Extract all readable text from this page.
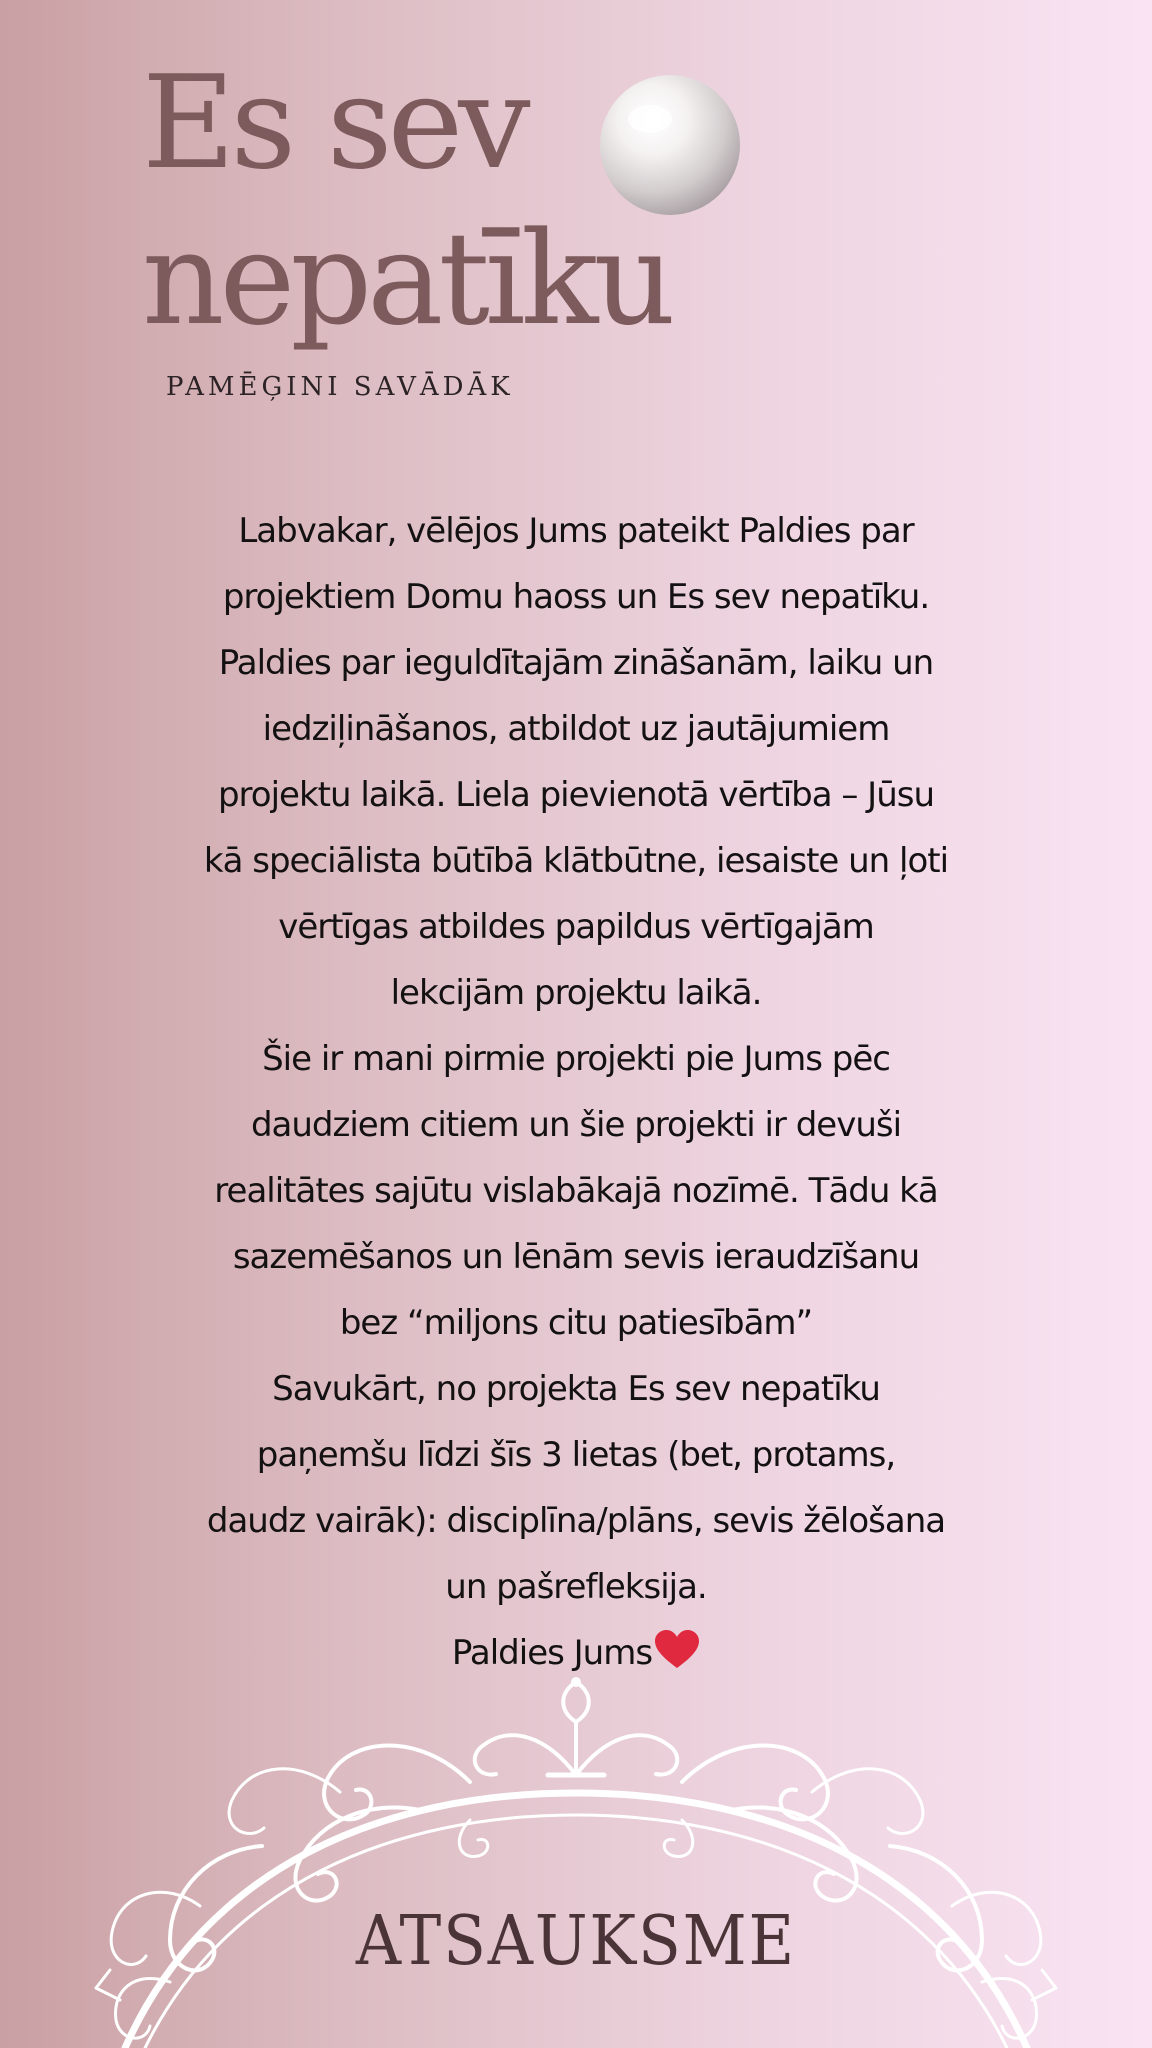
Es sev
nepatīku
PAMĒĢINI SAVĀDĀK

Labvakar, vēlējos Jums pateikt Paldies par

projektiem Domu haoss un Es sev nepatīku.

Paldies par ieguldītajām zināšanām, laiku un

iedziļināšanos, atbildot uz jautājumiem

projektu laikā. Liela pievienotā vērtība – Jūsu

kā speciālista būtībā klātbūtne, iesaiste un ļoti

vērtīgas atbildes papildus vērtīgajām

lekcijām projektu laikā.

Šie ir mani pirmie projekti pie Jums pēc

daudziem citiem un šie projekti ir devuši

realitātes sajūtu vislabākajā nozīmē. Tādu kā

sazemēšanos un lēnām sevis ieraudzīšanu

bez “miljons citu patiesībām”

Savukārt, no projekta Es sev nepatīku

paņemšu līdzi šīs 3 lietas (bet, protams,

daudz vairāk): disciplīna/plāns, sevis žēlošana

un pašrefleksija.

Paldies Jums

ATSAUKSME
